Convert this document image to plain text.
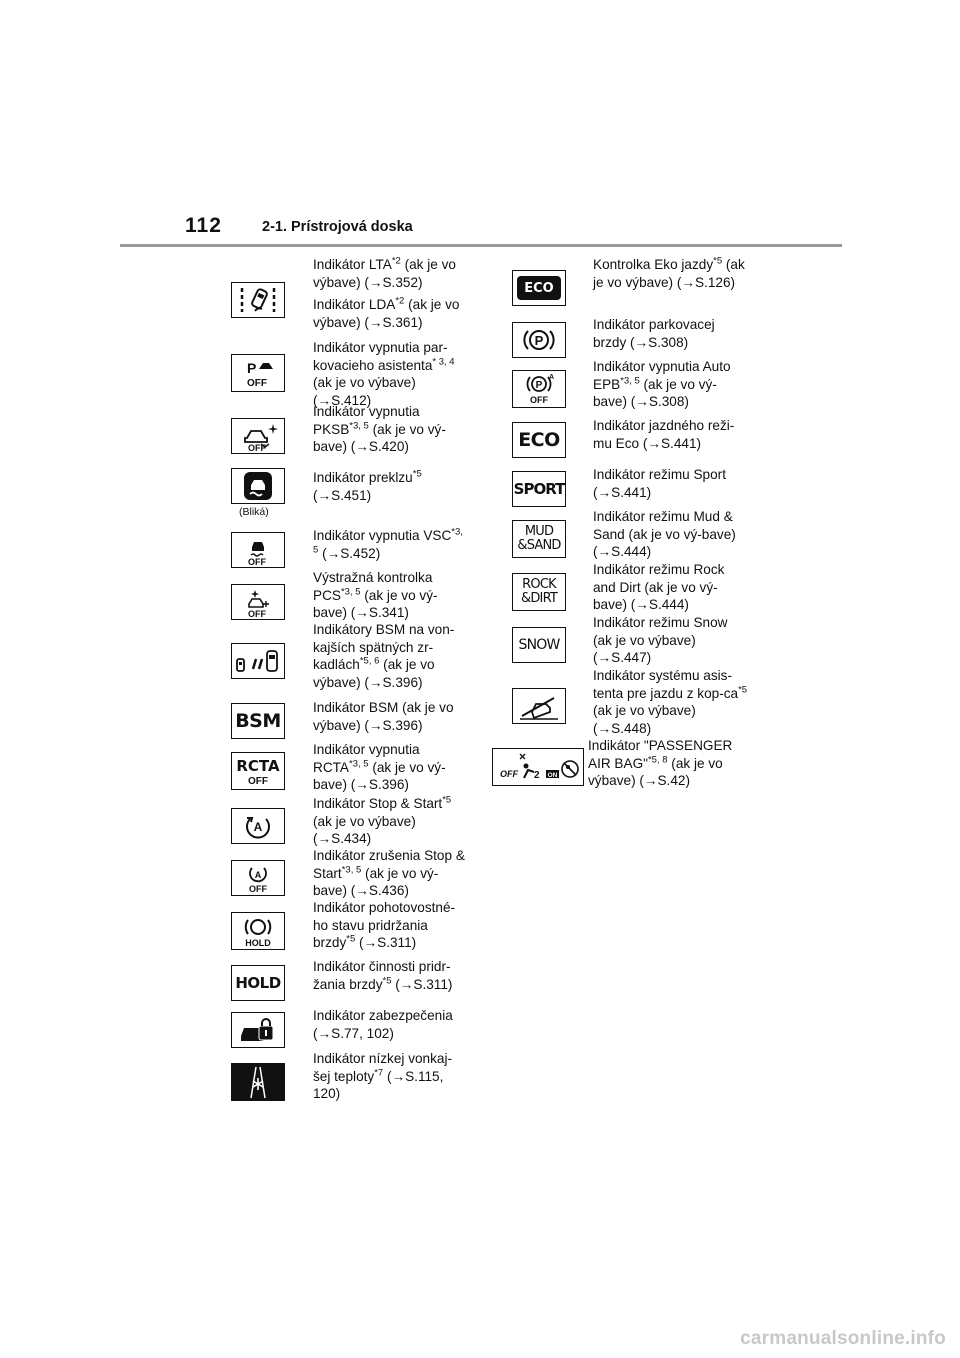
112	2-1. Prístrojová doska
Indikátor LTA$^{*2}$ (ak je vo výbave) (→S.352)
Indikátor LDA$^{*2}$ (ak je vo výbave) (→S.361)
P
OFF
Indikátor vypnutia par-kovacieho asistenta$^{* 3, 4}$ (ak je vo výbave) (→S.412)
OFF
Indikátor vypnutia PKSB$^{*3, 5}$ (ak je vo vý-bave) (→S.420)
(Bliká)
Indikátor preklzu$^{*5}$ (→S.451)
OFF
Indikátor vypnutia VSC$^{*3, 5}$ (→S.452)
OFF
Výstražná kontrolka PCS$^{*3, 5}$ (ak je vo vý-bave) (→S.341)
Indikátory BSM na von-kajších spätných zr-kadlách$^{*5, 6}$ (ak je vo výbave) (→S.396)
BSM
Indikátor BSM (ak je vo výbave) (→S.396)
RCTA
OFF
Indikátor vypnutia RCTA$^{*3, 5}$ (ak je vo vý-bave) (→S.396)
A
Indikátor Stop & Start$^{*5}$ (ak je vo výbave) (→S.434)
A
OFF
Indikátor zrušenia Stop & Start$^{*3, 5}$ (ak je vo vý-bave) (→S.436)
HOLD
Indikátor pohotovostné-ho stavu pridržania brzdy$^{*5}$ (→S.311)
HOLD
Indikátor činnosti pridr-žania brzdy$^{*5}$ (→S.311)
Indikátor zabezpečenia (→S.77, 102)
Indikátor nízkej vonkaj-šej teploty$^{*7}$ (→S.115, 120)
ECO
Kontrolka Eko jazdy$^{*5}$ (ak je vo výbave) (→S.126)
P
Indikátor parkovacej brzdy (→S.308)
P
A
OFF
Indikátor vypnutia Auto EPB$^{*3, 5}$ (ak je vo vý-bave) (→S.308)
ECO
Indikátor jazdného reži-mu Eco (→S.441)
SPORT
Indikátor režimu Sport (→S.441)
MUD
&SAND
Indikátor režimu Mud & Sand (ak je vo vý-bave) (→S.444)
ROCK
&DIRT
Indikátor režimu Rock and Dirt (ak je vo vý-bave) (→S.444)
SNOW
Indikátor režimu Snow (ak je vo výbave) (→S.447)
Indikátor systému asis-tenta pre jazdu z kop-$ca^{*5}$ (ak je vo výbave) (→S.448)
OFF 2 ON
Indikátor "PASSENGER AIR BAG"$^{*5, 8}$ (ak je vo výbave) (→S.42)
carmanualsonline.info
